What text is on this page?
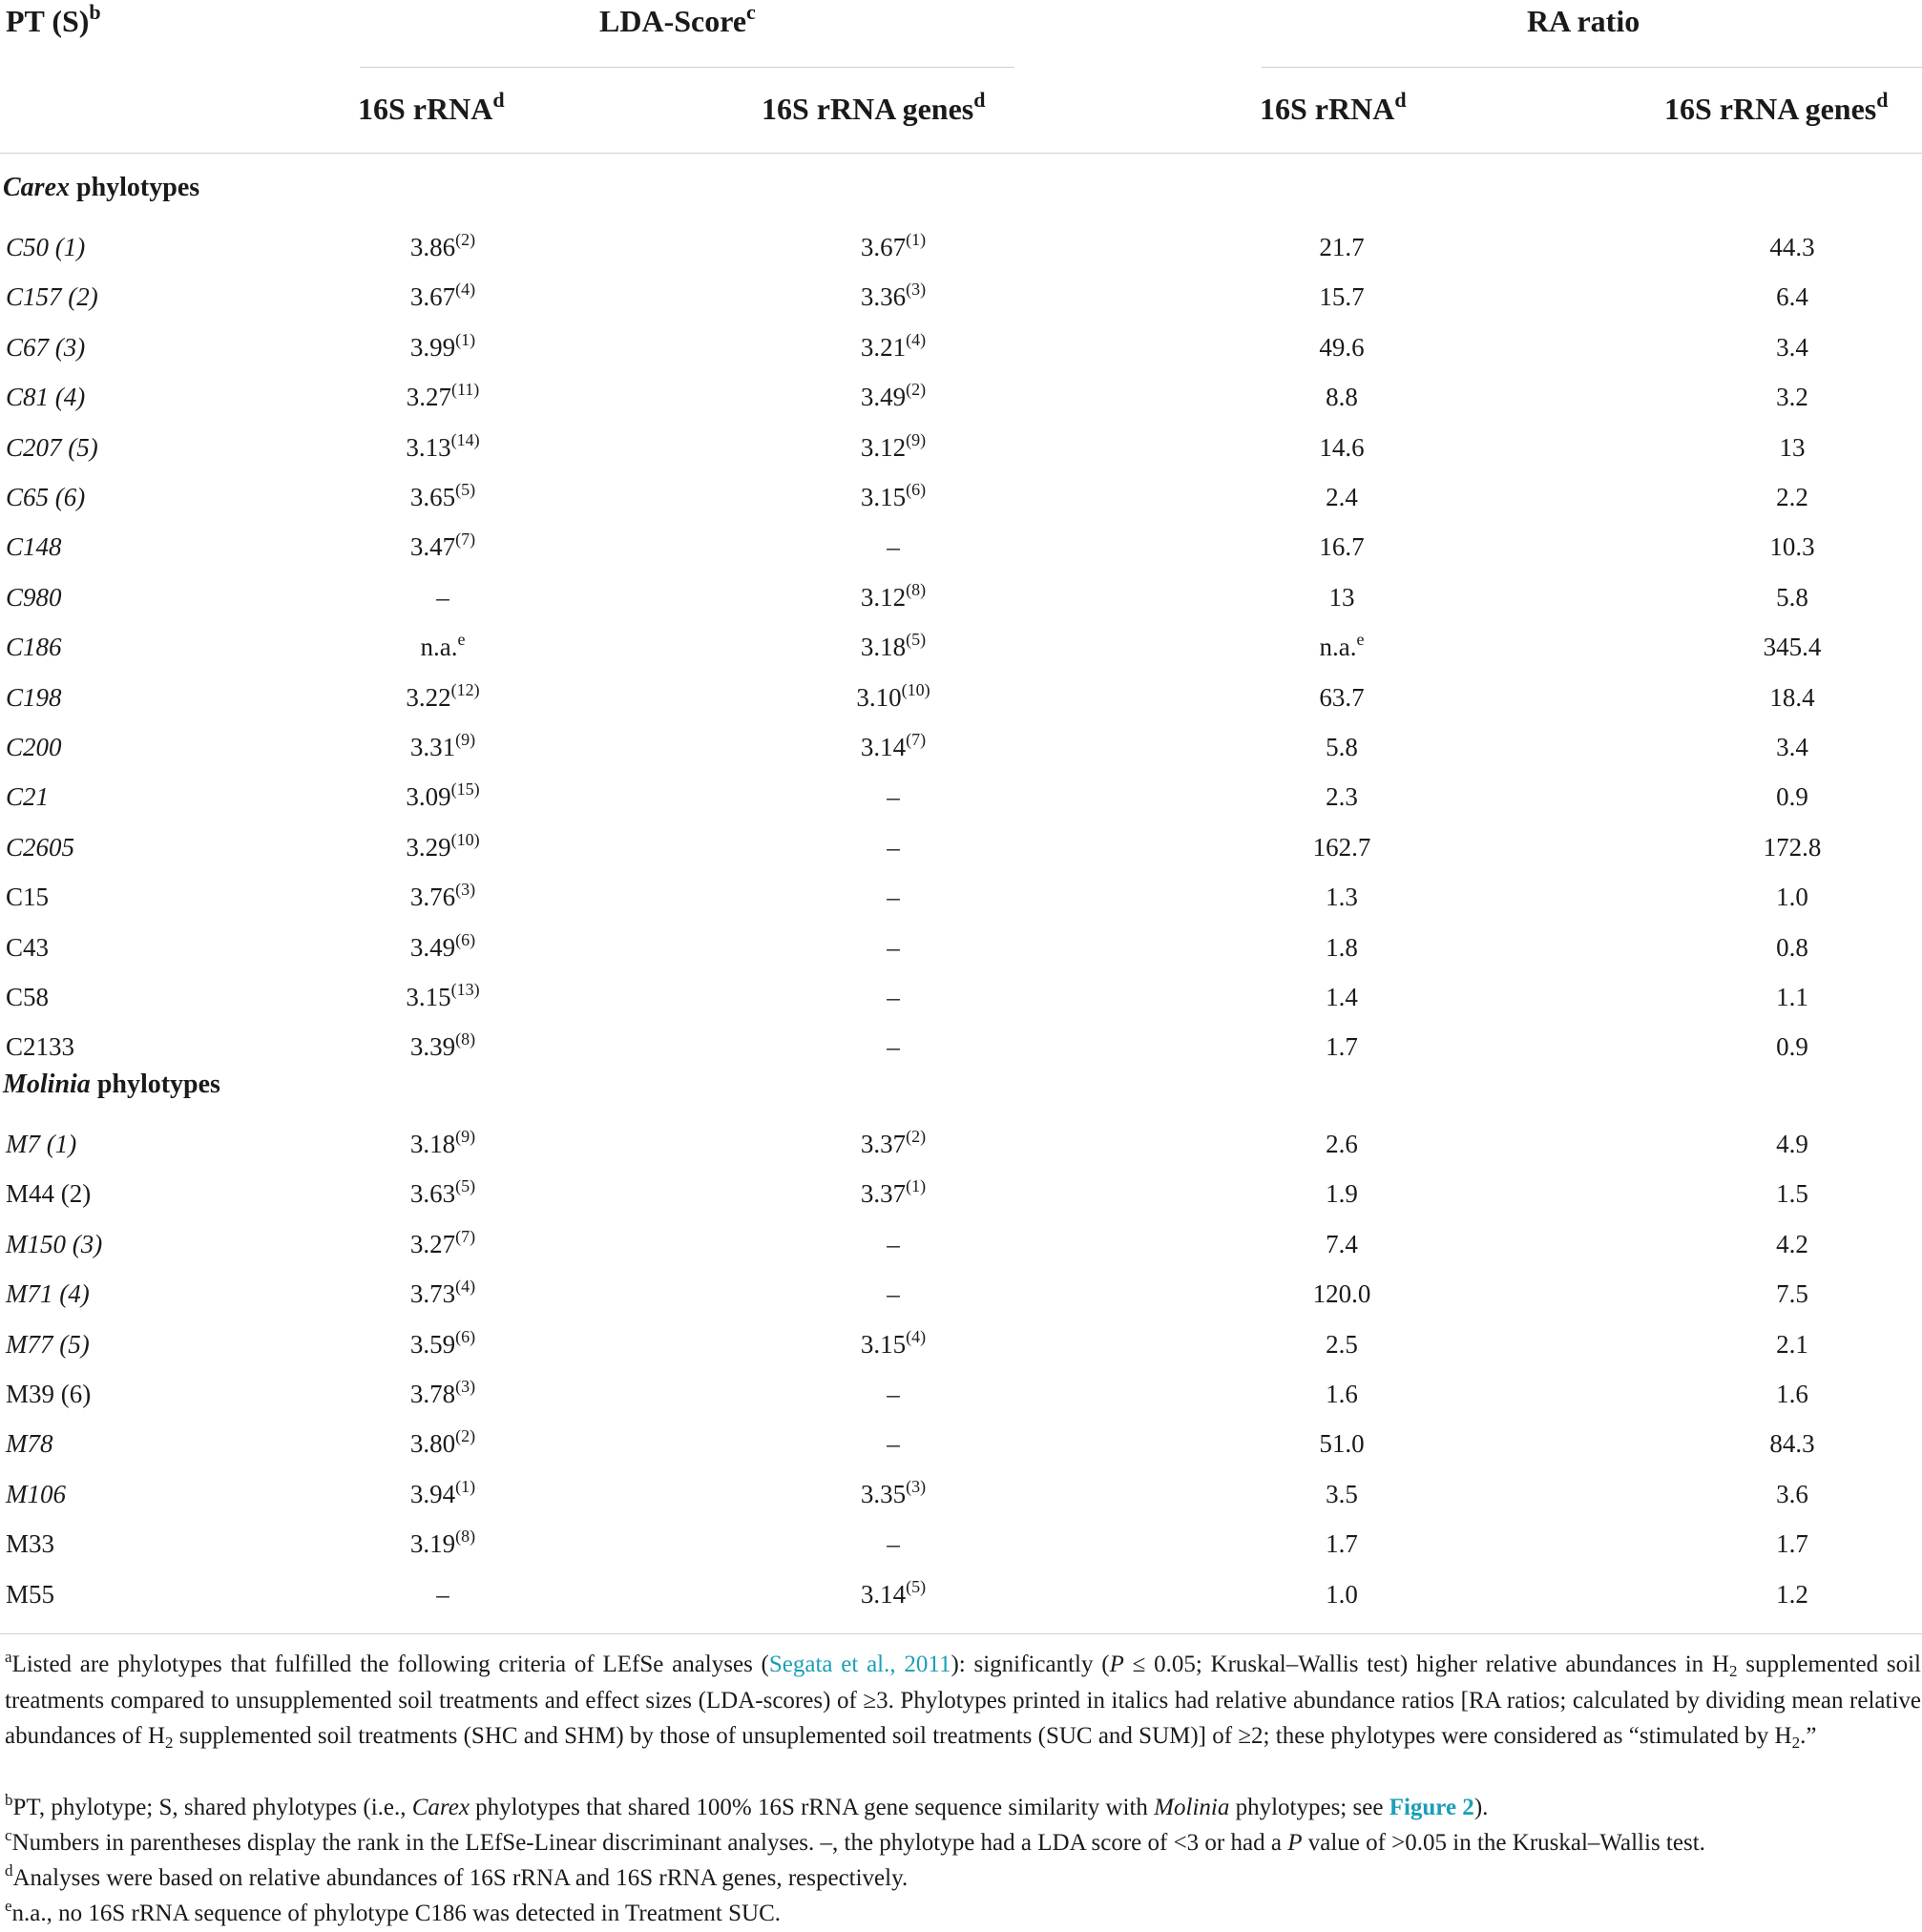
PT $(S)^b$	LDA-Score$^c$	RA ratio
16S rRNA$^d$	16S rRNA genes$^d$	16S rRNA$^d$	16S rRNA genes$^d$
Carex phylotypes
C50 (1)	3.86$^{(2)}$	3.67$^{(1)}$	21.7	44.3
C157 (2)	3.67$^{(4)}$	3.36$^{(3)}$	15.7	6.4
C67 (3)	3.99$^{(1)}$	3.21$^{(4)}$	49.6	3.4
C81 (4)	3.27$^{(11)}$	3.49$^{(2)}$	8.8	3.2
C207 (5)	3.13$^{(14)}$	3.12$^{(9)}$	14.6	13
C65 (6)	3.65$^{(5)}$	3.15$^{(6)}$	2.4	2.2
C148	3.47$^{(7)}$	–	16.7	10.3
C980	–	3.12$^{(8)}$	13	5.8
C186	n.a.$^e$	3.18$^{(5)}$	n.a.$^e$	345.4
C198	3.22$^{(12)}$	3.10$^{(10)}$	63.7	18.4
C200	3.31$^{(9)}$	3.14$^{(7)}$	5.8	3.4
C21	3.09$^{(15)}$	–	2.3	0.9
C2605	3.29$^{(10)}$	–	162.7	172.8
C15	3.76$^{(3)}$	–	1.3	1.0
C43	3.49$^{(6)}$	–	1.8	0.8
C58	3.15$^{(13)}$	–	1.4	1.1
C2133	3.39$^{(8)}$	–	1.7	0.9
Molinia phylotypes
M7 (1)	3.18$^{(9)}$	3.37$^{(2)}$	2.6	4.9
M44 (2)	3.63$^{(5)}$	3.37$^{(1)}$	1.9	1.5
M150 (3)	3.27$^{(7)}$	–	7.4	4.2
M71 (4)	3.73$^{(4)}$	–	120.0	7.5
M77 (5)	3.59$^{(6)}$	3.15$^{(4)}$	2.5	2.1
M39 (6)	3.78$^{(3)}$	–	1.6	1.6
M78	3.80$^{(2)}$	–	51.0	84.3
M106	3.94$^{(1)}$	3.35$^{(3)}$	3.5	3.6
M33	3.19$^{(8)}$	–	1.7	1.7
M55	–	3.14$^{(5)}$	1.0	1.2
$^a$Listed are phylotypes that fulfilled the following criteria of LEfSe analyses (Segata et al., 2011): significantly (P ≤ 0.05; Kruskal–Wallis test) higher relative abundances in $H_2$ supplemented soil treatments compared to unsupplemented soil treatments and effect sizes (LDA-scores) of ≥3. Phylotypes printed in italics had relative abundance ratios [RA ratios; calculated by dividing mean relative abundances of $H_2$ supplemented soil treatments (SHC and SHM) by those of unsuplemented soil treatments (SUC and SUM)] of ≥2; these phylotypes were considered as “stimulated by $H_2$.”
$^b$PT, phylotype; S, shared phylotypes (i.e., Carex phylotypes that shared 100% 16S rRNA gene sequence similarity with Molinia phylotypes; see Figure 2).
$^c$Numbers in parentheses display the rank in the LEfSe-Linear discriminant analyses. –, the phylotype had a LDA score of <3 or had a P value of >0.05 in the Kruskal–Wallis test.
$^d$Analyses were based on relative abundances of 16S rRNA and 16S rRNA genes, respectively.
$^e$n.a., no 16S rRNA sequence of phylotype C186 was detected in Treatment SUC.
